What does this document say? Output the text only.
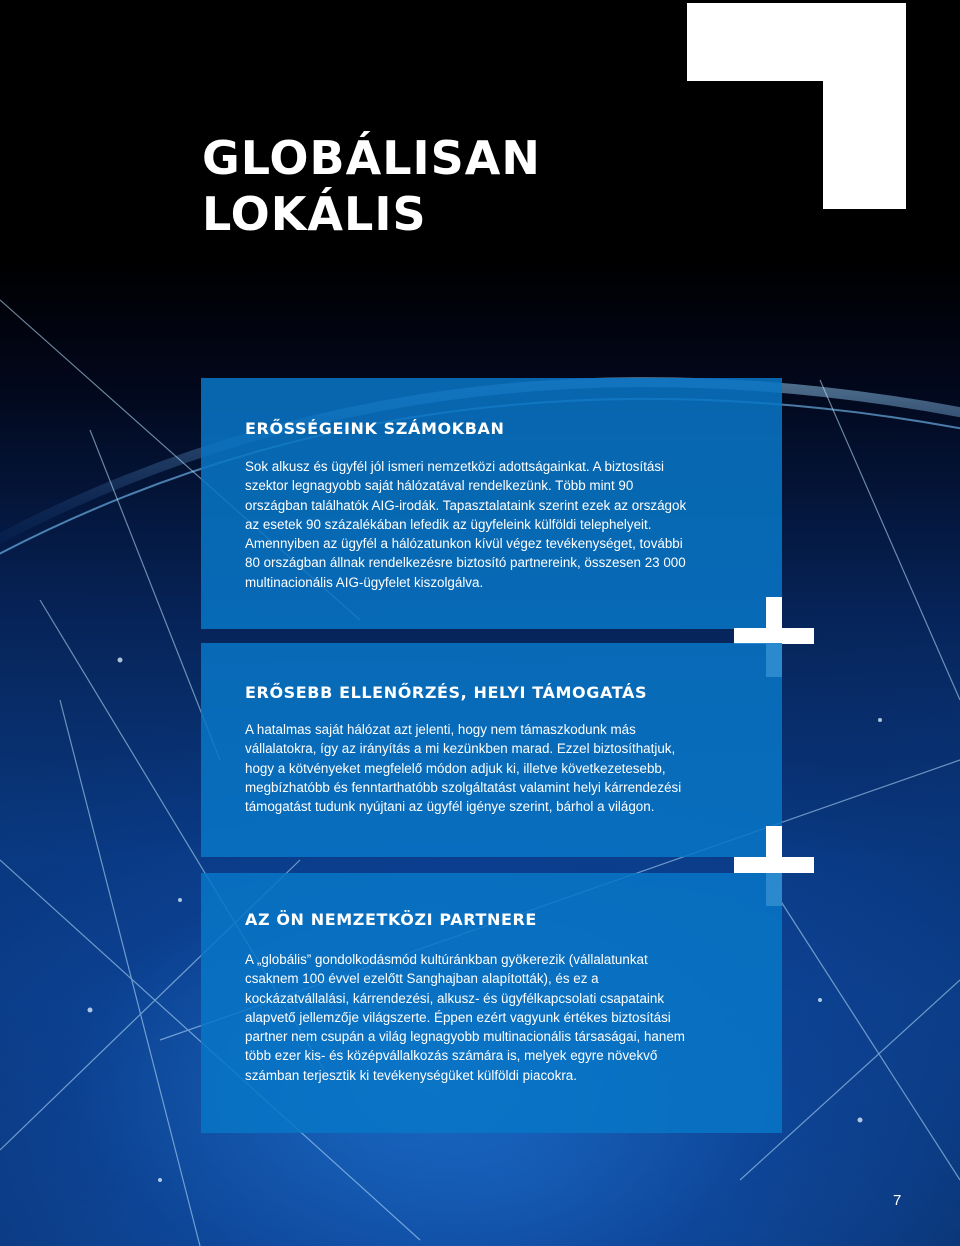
GLOBÁLISAN
LOKÁLIS
ERŐSSÉGEINK SZÁMOKBAN

Sok alkusz és ügyfél jól ismeri nemzetközi adottságainkat. A biztosítási
szektor legnagyobb saját hálózatával rendelkezünk. Több mint 90
országban találhatók AIG-irodák. Tapasztalataink szerint ezek az országok
az esetek 90 százalékában lefedik az ügyfeleink külföldi telephelyeit.
Amennyiben az ügyfél a hálózatunkon kívül végez tevékenységet, további
80 országban állnak rendelkezésre biztosító partnereink, összesen 23 000
multinacionális AIG-ügyfelet kiszolgálva.

ERŐSEBB ELLENŐRZÉS, HELYI TÁMOGATÁS

A hatalmas saját hálózat azt jelenti, hogy nem támaszkodunk más
vállalatokra, így az irányítás a mi kezünkben marad. Ezzel biztosíthatjuk,
hogy a kötvényeket megfelelő módon adjuk ki, illetve következetesebb,
megbízhatóbb és fenntarthatóbb szolgáltatást valamint helyi kárrendezési
támogatást tudunk nyújtani az ügyfél igénye szerint, bárhol a világon.

AZ ÖN NEMZETKÖZI PARTNERE

A „globális” gondolkodásmód kultúránkban gyökerezik (vállalatunkat
csaknem 100 évvel ezelőtt Sanghajban alapították), és ez a
kockázatvállalási, kárrendezési, alkusz- és ügyfélkapcsolati csapataink
alapvető jellemzője világszerte. Éppen ezért vagyunk értékes biztosítási
partner nem csupán a világ legnagyobb multinacionális társaságai, hanem
több ezer kis- és középvállalkozás számára is, melyek egyre növekvő
számban terjesztik ki tevékenységüket külföldi piacokra.

7
